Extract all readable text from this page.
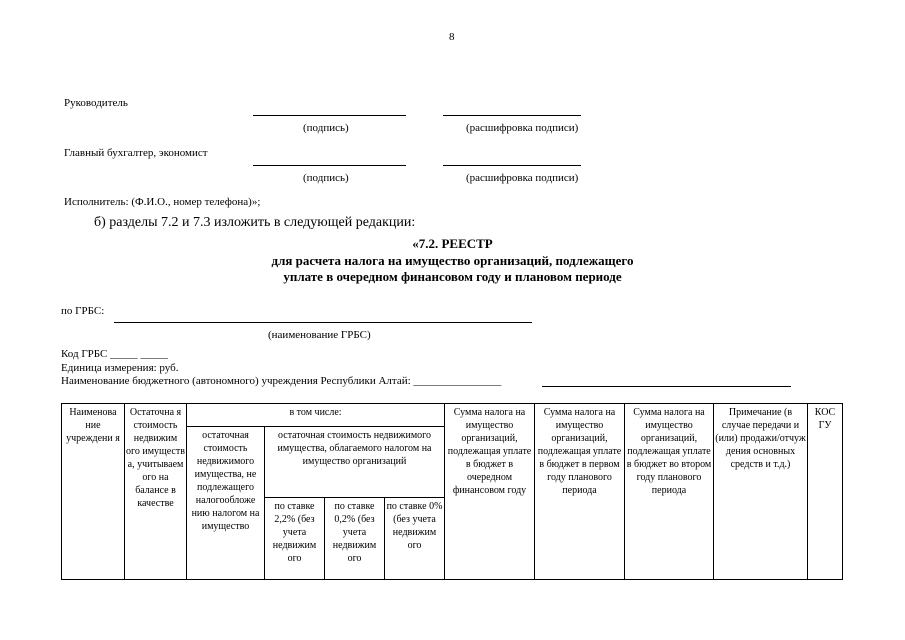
8
Руководитель
(подпись)	(расшифровка подписи)
Главный бухгалтер, экономист
(подпись)	(расшифровка подписи)
Исполнитель: (Ф.И.О., номер телефона)»;
б) разделы 7.2 и 7.3 изложить в следующей редакции:
«7.2. РЕЕСТР
для расчета налога на имущество организаций, подлежащего
уплате в очередном финансовом году и плановом периоде
по ГРБС:
(наименование ГРБС)
Код ГРБС _____ _____
Единица измерения: руб.
Наименование бюджетного (автономного) учреждения Республики Алтай: ________________
Наименова ние учреждени я	Остаточна я стоимость недвижим ого имуществ а, учитываем ого на балансе в качестве	в том числе:				Сумма налога на имущество организаций, подлежащая уплате в бюджет в очередном финансовом году	Сумма налога на имущество организаций, подлежащая уплате в бюджет в первом году планового периода	Сумма налога на имущество организаций, подлежащая уплате в бюджет во втором году планового периода	Примечание (в случае передачи и (или) продажи/отчуж дения основных средств и т.д.)	КОС ГУ
		остаточная стоимость недвижимого имущества, не подлежащего налогообложе нию налогом на имущество	остаточная стоимость недвижимого имущества, облагаемого налогом на имущество организаций							
			по ставке 2,2% (без учета недвижим ого	по ставке 0,2% (без учета недвижим ого	по ставке 0% (без учета недвижим ого					
